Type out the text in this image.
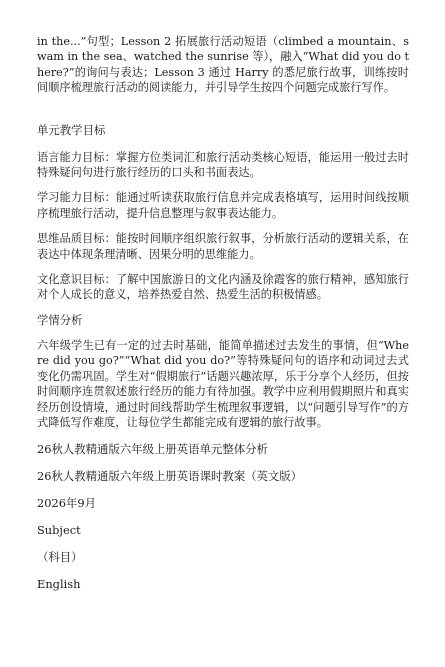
in the...”句型；Lesson 2 拓展旅行活动短语（climbed a mountain、swam in the sea、watched the sunrise 等），融入“What did you do there?”的询问与表达；Lesson 3 通过 Harry 的悉尼旅行故事，训练按时间顺序梳理旅行活动的阅读能力，并引导学生按四个问题完成旅行写作。

单元教学目标

语言能力目标：掌握方位类词汇和旅行活动类核心短语，能运用一般过去时特殊疑问句进行旅行经历的口头和书面表达。

学习能力目标：能通过听读获取旅行信息并完成表格填写，运用时间线按顺序梳理旅行活动，提升信息整理与叙事表达能力。

思维品质目标：能按时间顺序组织旅行叙事，分析旅行活动的逻辑关系，在表达中体现条理清晰、因果分明的思维能力。

文化意识目标：了解中国旅游日的文化内涵及徐霞客的旅行精神，感知旅行对个人成长的意义，培养热爱自然、热爱生活的积极情感。

学情分析

六年级学生已有一定的过去时基础，能简单描述过去发生的事情，但“Where did you go?”“What did you do?”等特殊疑问句的语序和动词过去式变化仍需巩固。学生对“假期旅行”话题兴趣浓厚，乐于分享个人经历，但按时间顺序连贯叙述旅行经历的能力有待加强。教学中应利用假期照片和真实经历创设情境，通过时间线帮助学生梳理叙事逻辑，以“问题引导写作”的方式降低写作难度，让每位学生都能完成有逻辑的旅行故事。

26秋人教精通版六年级上册英语单元整体分析

26秋人教精通版六年级上册英语课时教案（英文版）

2026年9月

Subject

（科目）

English
